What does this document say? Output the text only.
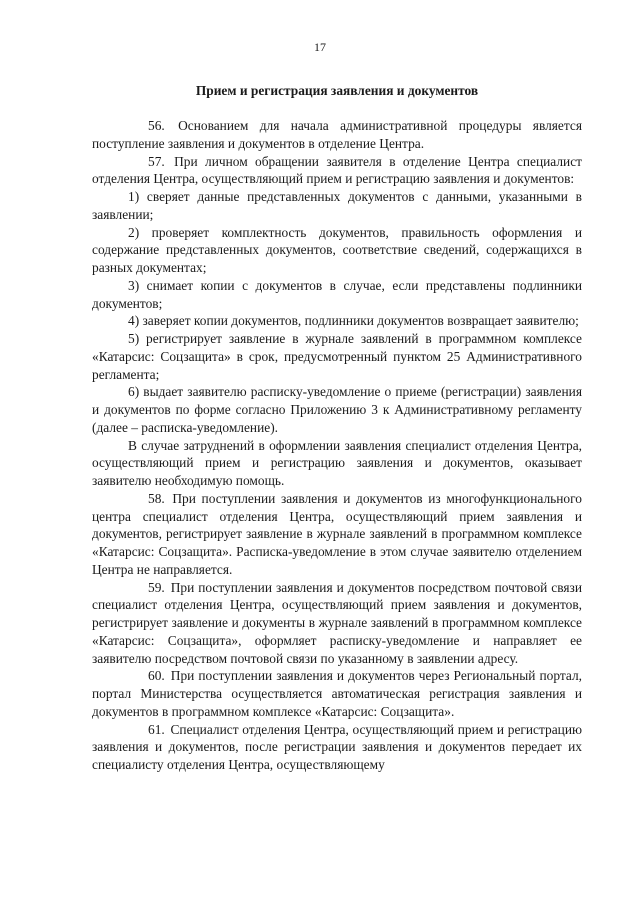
17
Прием и регистрация заявления и документов

56. Основанием для начала административной процедуры является поступление заявления и документов в отделение Центра.

57. При личном обращении заявителя в отделение Центра специалист отделения Центра, осуществляющий прием и регистрацию заявления и документов:

1) сверяет данные представленных документов с данными, указанными в заявлении;

2) проверяет комплектность документов, правильность оформления и содержание представленных документов, соответствие сведений, содержащихся в разных документах;

3) снимает копии с документов в случае, если представлены подлинники документов;

4) заверяет копии документов, подлинники документов возвращает заявителю;

5) регистрирует заявление в журнале заявлений в программном комплексе «Катарсис: Соцзащита» в срок, предусмотренный пунктом 25 Административного регламента;

6) выдает заявителю расписку-уведомление о приеме (регистрации) заявления и документов по форме согласно Приложению 3 к Административному регламенту (далее – расписка-уведомление).

В случае затруднений в оформлении заявления специалист отделения Центра, осуществляющий прием и регистрацию заявления и документов, оказывает заявителю необходимую помощь.

58. При поступлении заявления и документов из многофункционального центра специалист отделения Центра, осуществляющий прием заявления и документов, регистрирует заявление в журнале заявлений в программном комплексе «Катарсис: Соцзащита». Расписка-уведомление в этом случае заявителю отделением Центра не направляется.

59. При поступлении заявления и документов посредством почтовой связи специалист отделения Центра, осуществляющий прием заявления и документов, регистрирует заявление и документы в журнале заявлений в программном комплексе «Катарсис: Соцзащита», оформляет расписку-уведомление и направляет ее заявителю посредством почтовой связи по указанному в заявлении адресу.

60. При поступлении заявления и документов через Региональный портал, портал Министерства осуществляется автоматическая регистрация заявления и документов в программном комплексе «Катарсис: Соцзащита».

61. Специалист отделения Центра, осуществляющий прием и регистрацию заявления и документов, после регистрации заявления и документов передает их специалисту отделения Центра, осуществляющему
